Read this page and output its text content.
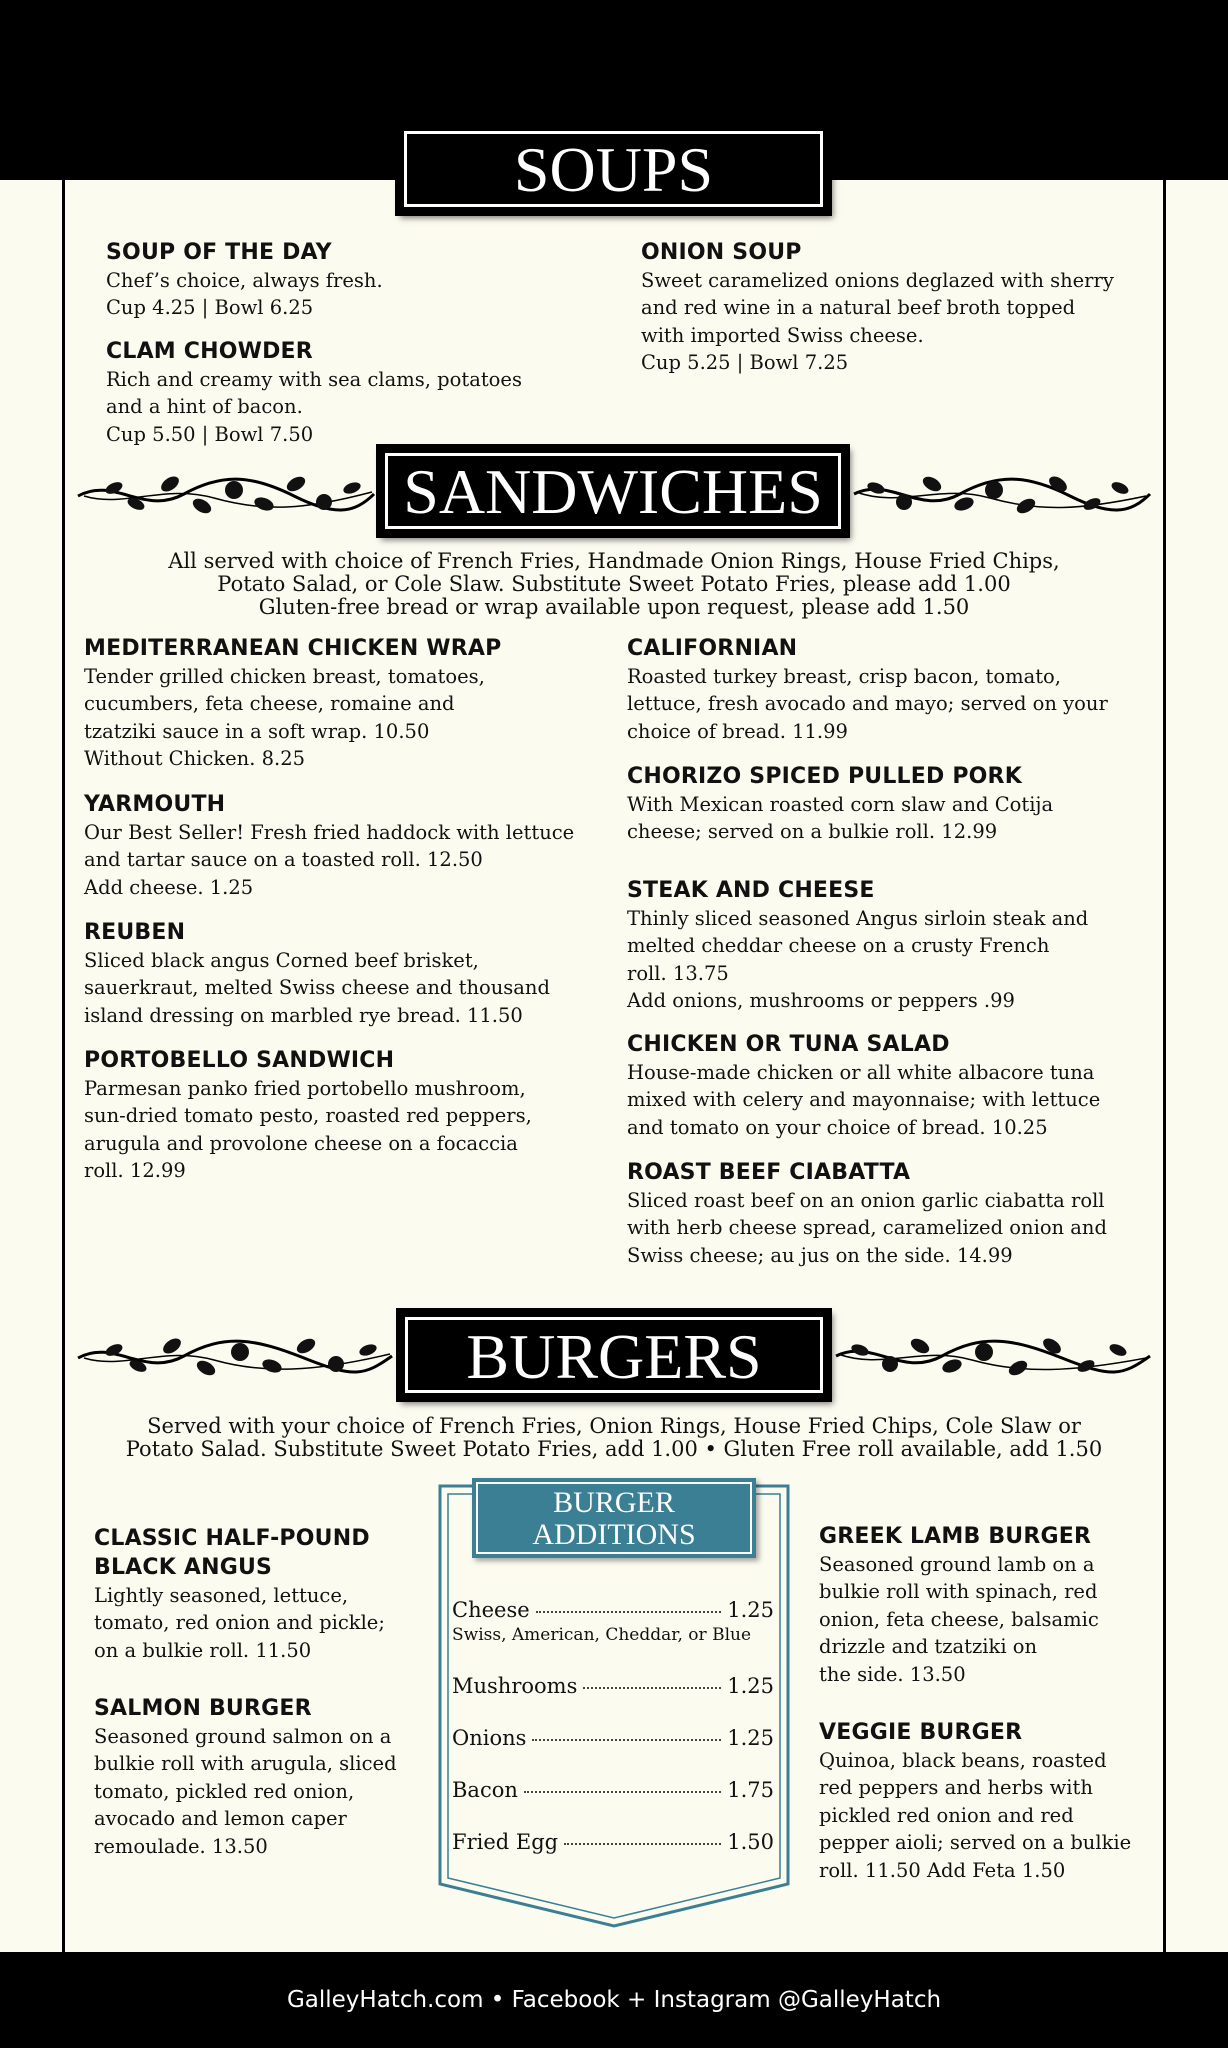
SOUPS
SOUP OF THE DAY

Chef’s choice, always fresh.
Cup 4.25 | Bowl 6.25

CLAM CHOWDER

Rich and creamy with sea clams, potatoes
and a hint of bacon.
Cup 5.50 | Bowl 7.50

ONION SOUP

Sweet caramelized onions deglazed with sherry
and red wine in a natural beef broth topped
with imported Swiss cheese.
Cup 5.25 | Bowl 7.25

SANDWICHES
All served with choice of French Fries, Handmade Onion Rings, House Fried Chips,
Potato Salad, or Cole Slaw. Substitute Sweet Potato Fries, please add 1.00
Gluten-free bread or wrap available upon request, please add 1.50
MEDITERRANEAN CHICKEN WRAP

Tender grilled chicken breast, tomatoes,
cucumbers, feta cheese, romaine and
tzatziki sauce in a soft wrap. 10.50
Without Chicken. 8.25

YARMOUTH

Our Best Seller! Fresh fried haddock with lettuce
and tartar sauce on a toasted roll. 12.50
Add cheese. 1.25

REUBEN

Sliced black angus Corned beef brisket,
sauerkraut, melted Swiss cheese and thousand
island dressing on marbled rye bread. 11.50

PORTOBELLO SANDWICH

Parmesan panko fried portobello mushroom,
sun-dried tomato pesto, roasted red peppers,
arugula and provolone cheese on a focaccia
roll. 12.99

CALIFORNIAN

Roasted turkey breast, crisp bacon, tomato,
lettuce, fresh avocado and mayo; served on your
choice of bread. 11.99

CHORIZO SPICED PULLED PORK

With Mexican roasted corn slaw and Cotija
cheese; served on a bulkie roll. 12.99

STEAK AND CHEESE

Thinly sliced seasoned Angus sirloin steak and
melted cheddar cheese on a crusty French
roll. 13.75
Add onions, mushrooms or peppers .99

CHICKEN OR TUNA SALAD

House-made chicken or all white albacore tuna
mixed with celery and mayonnaise; with lettuce
and tomato on your choice of bread. 10.25

ROAST BEEF CIABATTA

Sliced roast beef on an onion garlic ciabatta roll
with herb cheese spread, caramelized onion and
Swiss cheese; au jus on the side. 14.99

BURGERS
Served with your choice of French Fries, Onion Rings, House Fried Chips, Cole Slaw or
Potato Salad. Substitute Sweet Potato Fries, add 1.00 • Gluten Free roll available, add 1.50
CLASSIC HALF-POUND
BLACK ANGUS

Lightly seasoned, lettuce,
tomato, red onion and pickle;
on a bulkie roll. 11.50

SALMON BURGER

Seasoned ground salmon on a
bulkie roll with arugula, sliced
tomato, pickled red onion,
avocado and lemon caper
remoulade. 13.50

GREEK LAMB BURGER

Seasoned ground lamb on a
bulkie roll with spinach, red
onion, feta cheese, balsamic
drizzle and tzatziki on
the side. 13.50

VEGGIE BURGER

Quinoa, black beans, roasted
red peppers and herbs with
pickled red onion and red
pepper aioli; served on a bulkie
roll. 11.50 Add Feta 1.50

BURGER
ADDITIONS
Cheese	1.25
Swiss, American, Cheddar, or Blue
Mushrooms	1.25
Onions	1.25
Bacon	1.75
Fried Egg	1.50
GalleyHatch.com • Facebook + Instagram @GalleyHatch
